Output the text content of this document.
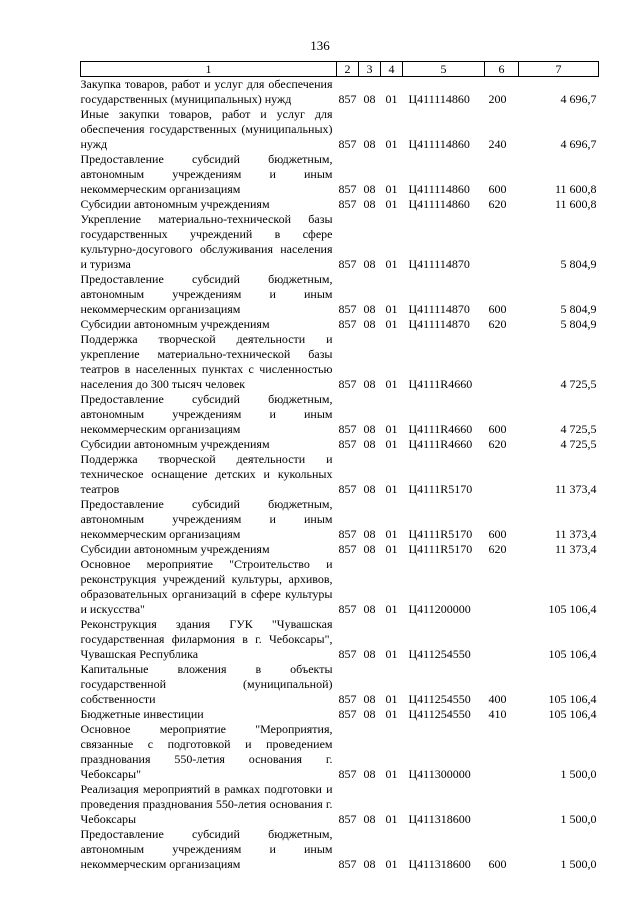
136
1	2	3	4	5	6	7
Закупка товаров, работ и услуг для обеспечения государственных (муниципальных) нужд	857	08	01	Ц411114860	200	4 696,7
Иные закупки товаров, работ и услуг для обеспечения государственных (муниципальных) нужд	857	08	01	Ц411114860	240	4 696,7
Предоставление субсидий бюджетным, автономным учреждениям и иным некоммерческим организациям	857	08	01	Ц411114860	600	11 600,8
Субсидии автономным учреждениям	857	08	01	Ц411114860	620	11 600,8
Укрепление материально-технической базы государственных учреждений в сфере культурно-досугового обслуживания населения и туризма	857	08	01	Ц411114870		5 804,9
Предоставление субсидий бюджетным, автономным учреждениям и иным некоммерческим организациям	857	08	01	Ц411114870	600	5 804,9
Субсидии автономным учреждениям	857	08	01	Ц411114870	620	5 804,9
Поддержка творческой деятельности и укрепление материально-технической базы театров в населенных пунктах с численностью населения до 300 тысяч человек	857	08	01	Ц4111R4660		4 725,5
Предоставление субсидий бюджетным, автономным учреждениям и иным некоммерческим организациям	857	08	01	Ц4111R4660	600	4 725,5
Субсидии автономным учреждениям	857	08	01	Ц4111R4660	620	4 725,5
Поддержка творческой деятельности и техническое оснащение детских и кукольных театров	857	08	01	Ц4111R5170		11 373,4
Предоставление субсидий бюджетным, автономным учреждениям и иным некоммерческим организациям	857	08	01	Ц4111R5170	600	11 373,4
Субсидии автономным учреждениям	857	08	01	Ц4111R5170	620	11 373,4
Основное мероприятие "Строительство и реконструкция учреждений культуры, архивов, образовательных организаций в сфере культуры и искусства"	857	08	01	Ц411200000		105 106,4
Реконструкция здания ГУК "Чувашская государственная филармония в г. Чебоксары", Чувашская Республика	857	08	01	Ц411254550		105 106,4
Капитальные вложения в объекты государственной (муниципальной) собственности	857	08	01	Ц411254550	400	105 106,4
Бюджетные инвестиции	857	08	01	Ц411254550	410	105 106,4
Основное мероприятие "Мероприятия, связанные с подготовкой и проведением празднования 550-летия основания г. Чебоксары"	857	08	01	Ц411300000		1 500,0
Реализация мероприятий в рамках подготовки и проведения празднования 550-летия основания г. Чебоксары	857	08	01	Ц411318600		1 500,0
Предоставление субсидий бюджетным, автономным учреждениям и иным некоммерческим организациям	857	08	01	Ц411318600	600	1 500,0
